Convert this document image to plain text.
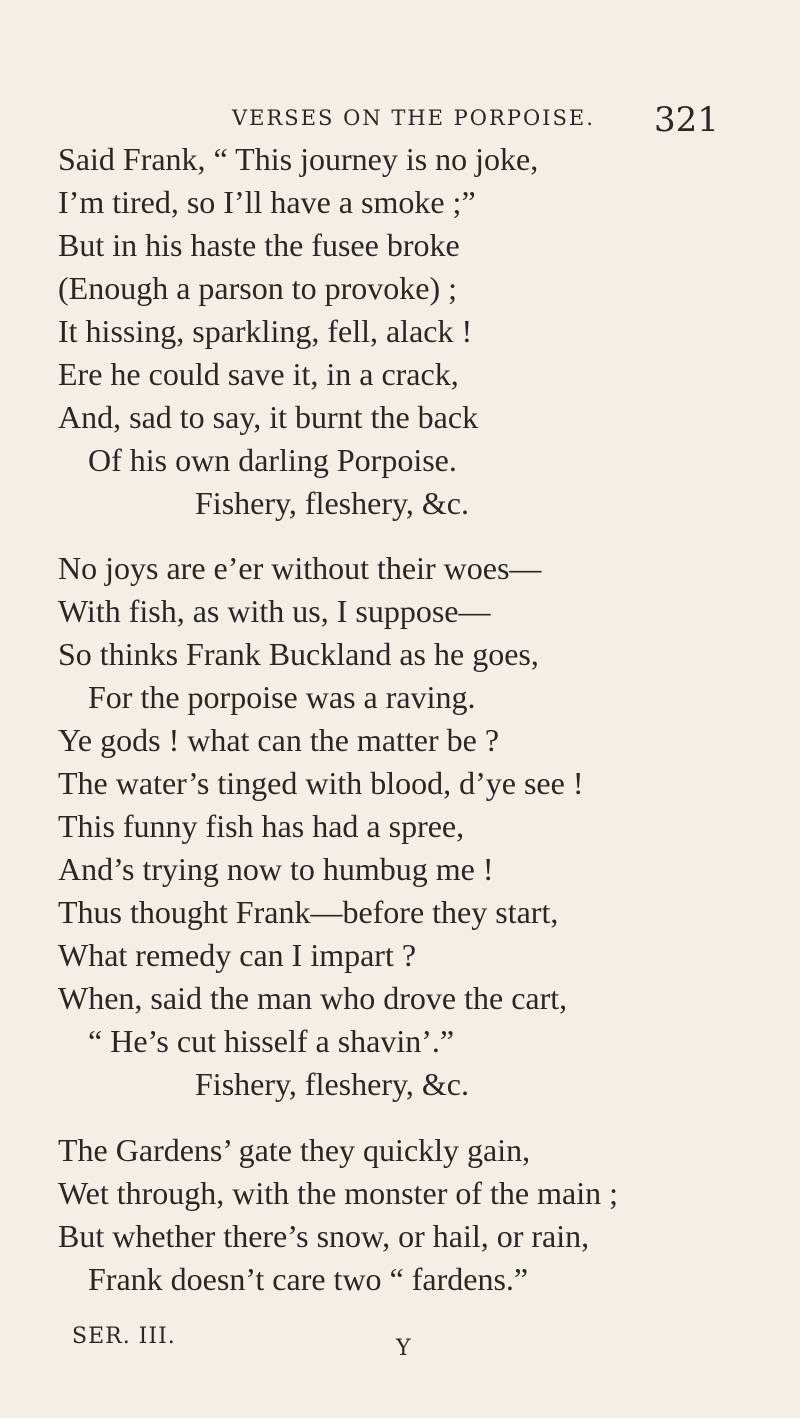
VERSES ON THE PORPOISE. 321
Said Frank, “ This journey is no joke,
I’m tired, so I’ll have a smoke ;”
But in his haste the fusee broke
(Enough a parson to provoke) ;
It hissing, sparkling, fell, alack !
Ere he could save it, in a crack,
And, sad to say, it burnt the back
Of his own darling Porpoise.
Fishery, fleshery, &c.
No joys are e’er without their woes—
With fish, as with us, I suppose—
So thinks Frank Buckland as he goes,
For the porpoise was a raving.
Ye gods ! what can the matter be ?
The water’s tinged with blood, d’ye see !
This funny fish has had a spree,
And’s trying now to humbug me !
Thus thought Frank—before they start,
What remedy can I impart ?
When, said the man who drove the cart,
“ He’s cut hisself a shavin’.”
Fishery, fleshery, &c.
The Gardens’ gate they quickly gain,
Wet through, with the monster of the main ;
But whether there’s snow, or hail, or rain,
Frank doesn’t care two “ fardens.”
SER. III.	Y
